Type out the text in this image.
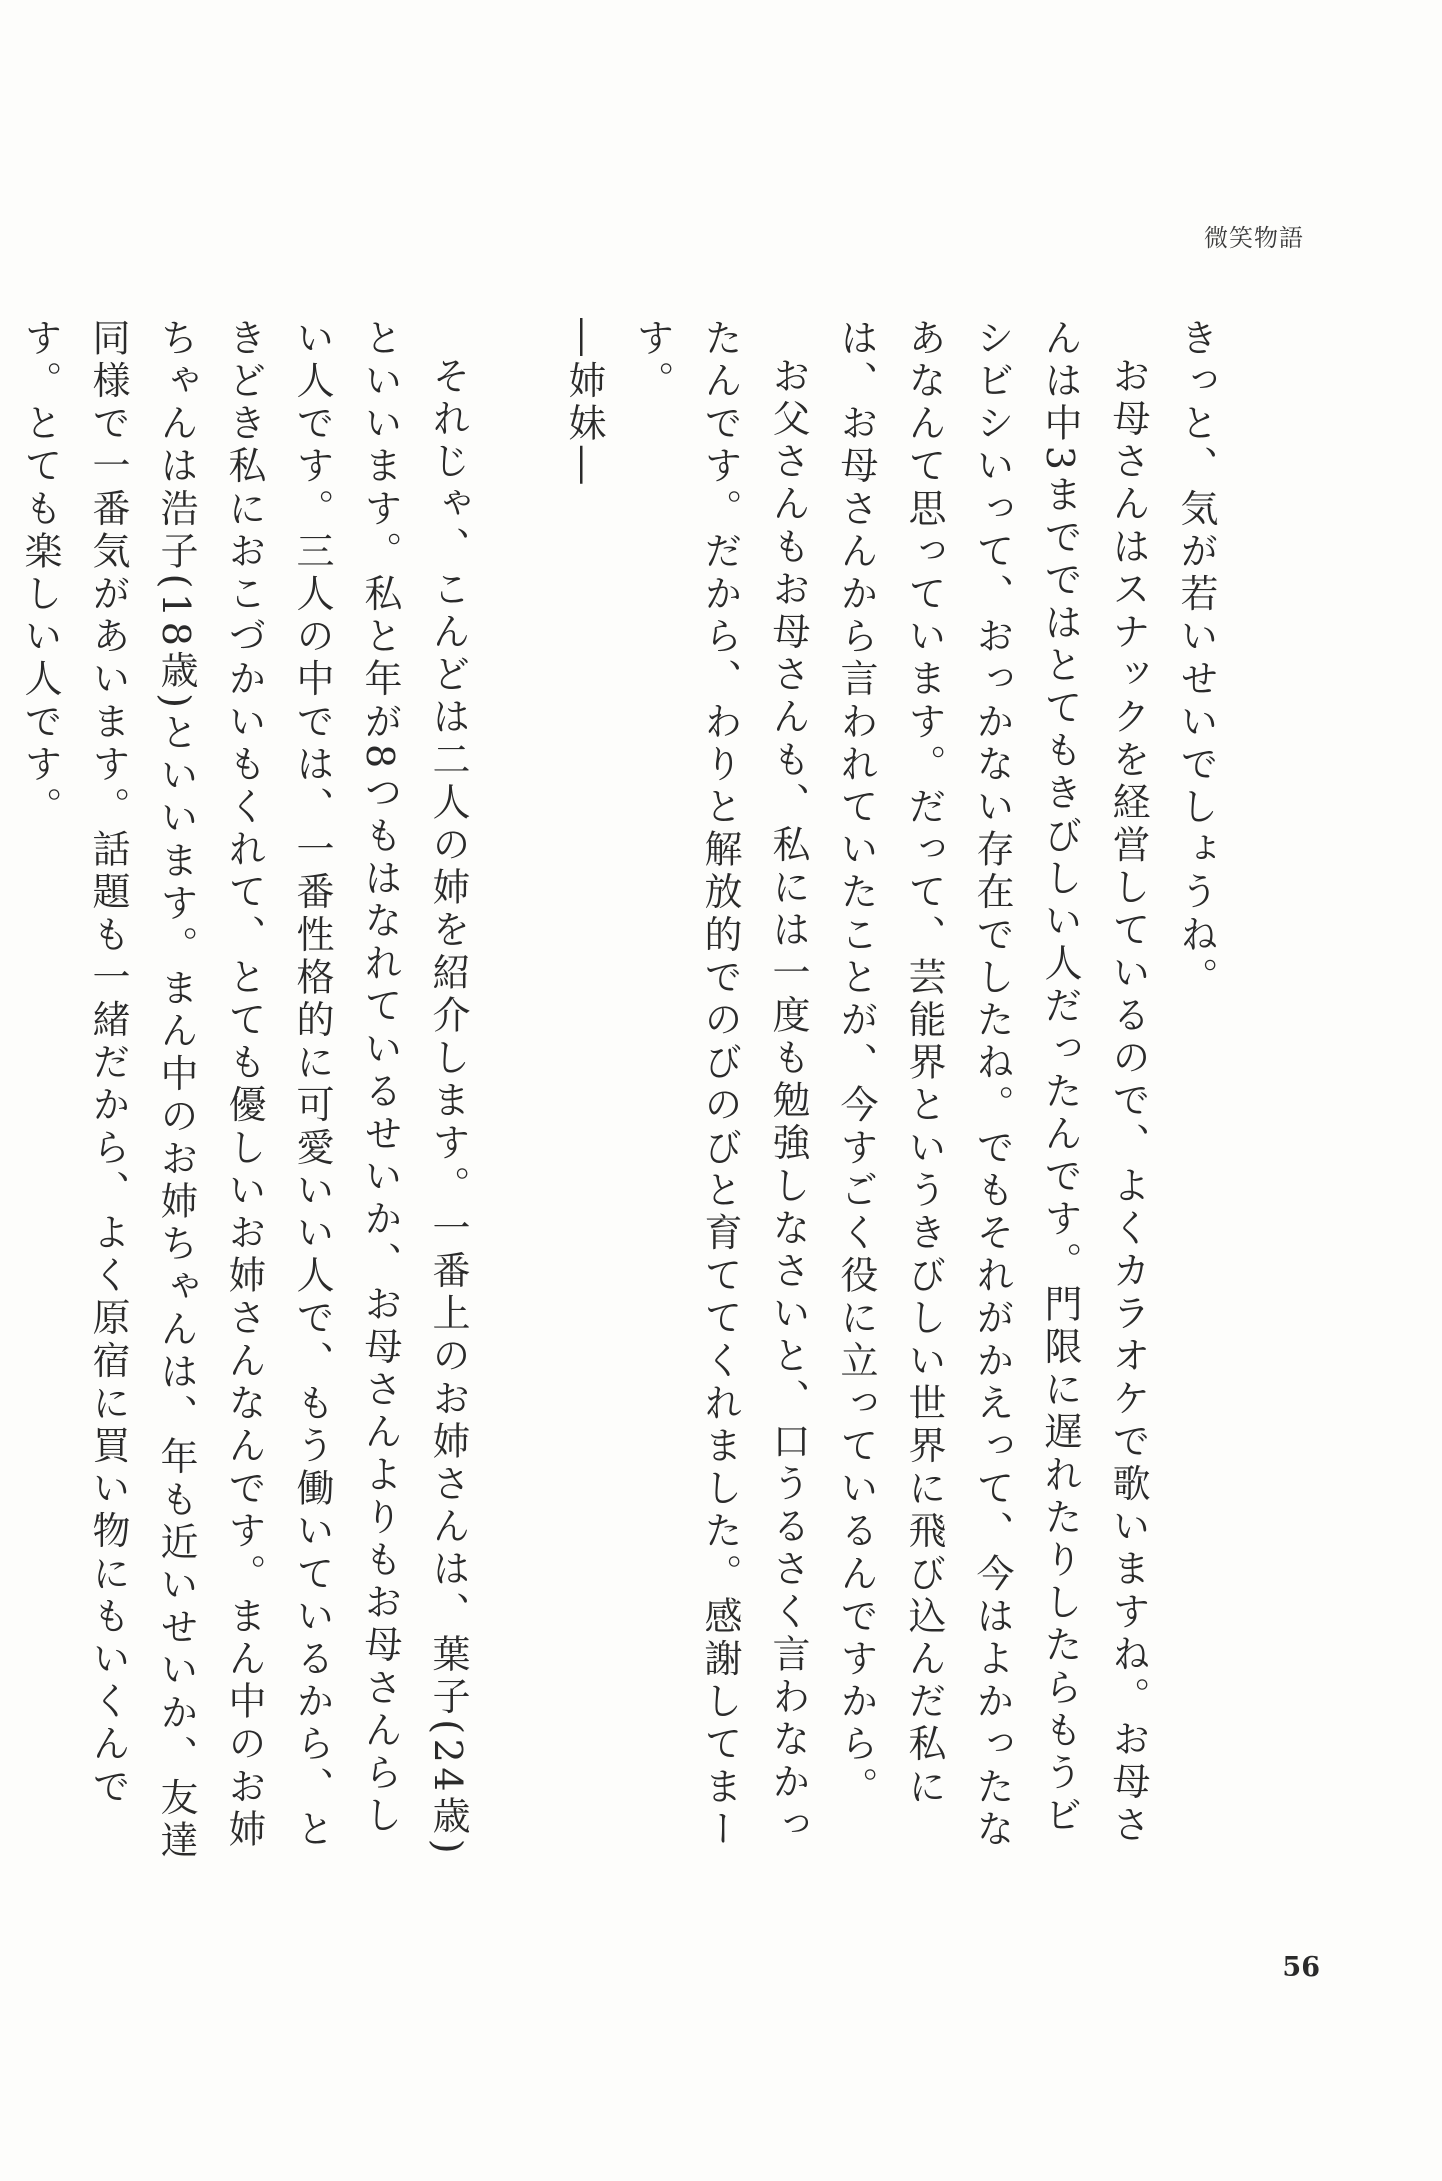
微笑物語

きっと、気が若いせいでしょうね。

お母さんはスナックを経営しているので、よくカラオケで歌いますね。お母さんは中3までではとてもきびしい人だったんです。門限に遅れたりしたらもうビシビシいって、おっかない存在でしたね。でもそれがかえって、今はよかったなあなんて思っています。だって、芸能界というきびしい世界に飛び込んだ私には、お母さんから言われていたことが、今すごく役に立っているんですから。

お父さんもお母さんも、私には一度も勉強しなさいと、口うるさく言わなかったんです。だから、わりと解放的でのびのびと育ててくれました。感謝してまーす。

―姉妹―

それじゃ、こんどは二人の姉を紹介します。一番上のお姉さんは、葉子(24歳)といいます。私と年が8つもはなれているせいか、お母さんよりもお母さんらしい人です。三人の中では、一番性格的に可愛いい人で、もう働いているから、ときどき私におこづかいもくれて、とても優しいお姉さんなんです。まん中のお姉ちゃんは浩子(18歳)といいます。まん中のお姉ちゃんは、年も近いせいか、友達同様で一番気があいます。話題も一緒だから、よく原宿に買い物にもいくんです。とても楽しい人です。

56
